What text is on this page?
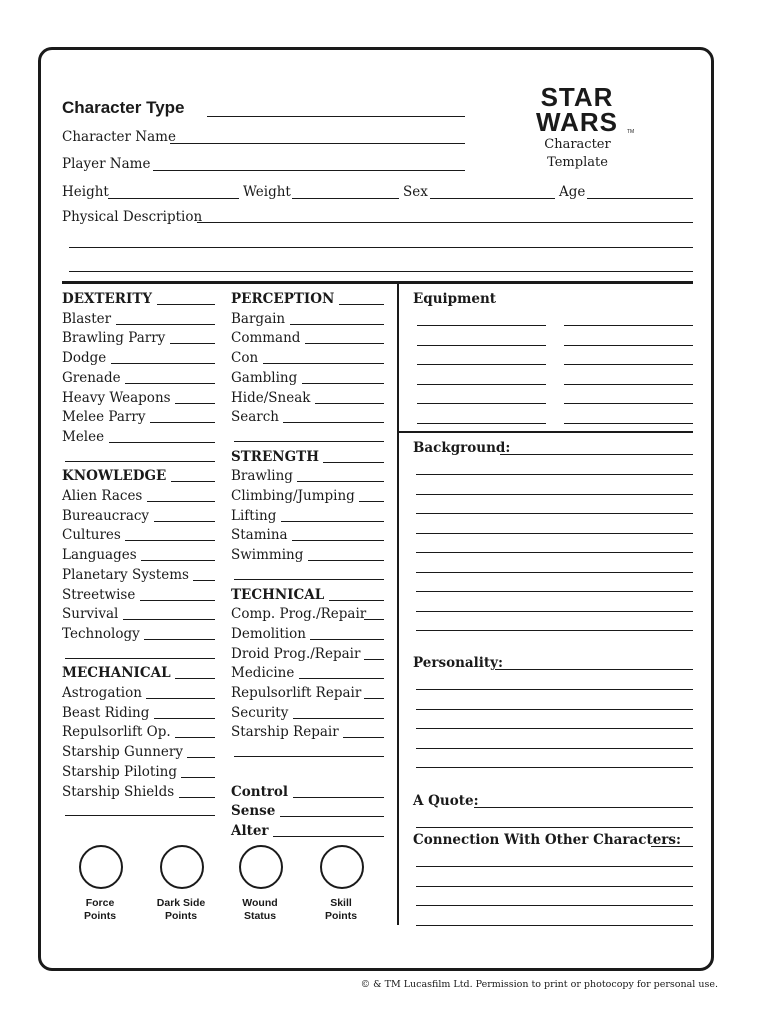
Character Type
Character Name
Player Name
Height	Weight	Sex	Age
Physical Description
STAR
WARS TM
Character
Template
DEXTERITY
Blaster
Brawling Parry
Dodge
Grenade
Heavy Weapons
Melee Parry
Melee
KNOWLEDGE
Alien Races
Bureaucracy
Cultures
Languages
Planetary Systems
Streetwise
Survival
Technology
MECHANICAL
Astrogation
Beast Riding
Repulsorlift Op.
Starship Gunnery
Starship Piloting
Starship Shields
PERCEPTION
Bargain
Command
Con
Gambling
Hide/Sneak
Search
STRENGTH
Brawling
Climbing/Jumping
Lifting
Stamina
Swimming
TECHNICAL
Comp. Prog./Repair
Demolition
Droid Prog./Repair
Medicine
Repulsorlift Repair
Security
Starship Repair
Control
Sense
Alter
Equipment
Background:
Personality:
A Quote:
Connection With Other Characters:
Force
Points
Dark Side
Points
Wound
Status
Skill
Points
© & TM Lucasfilm Ltd. Permission to print or photocopy for personal use.
